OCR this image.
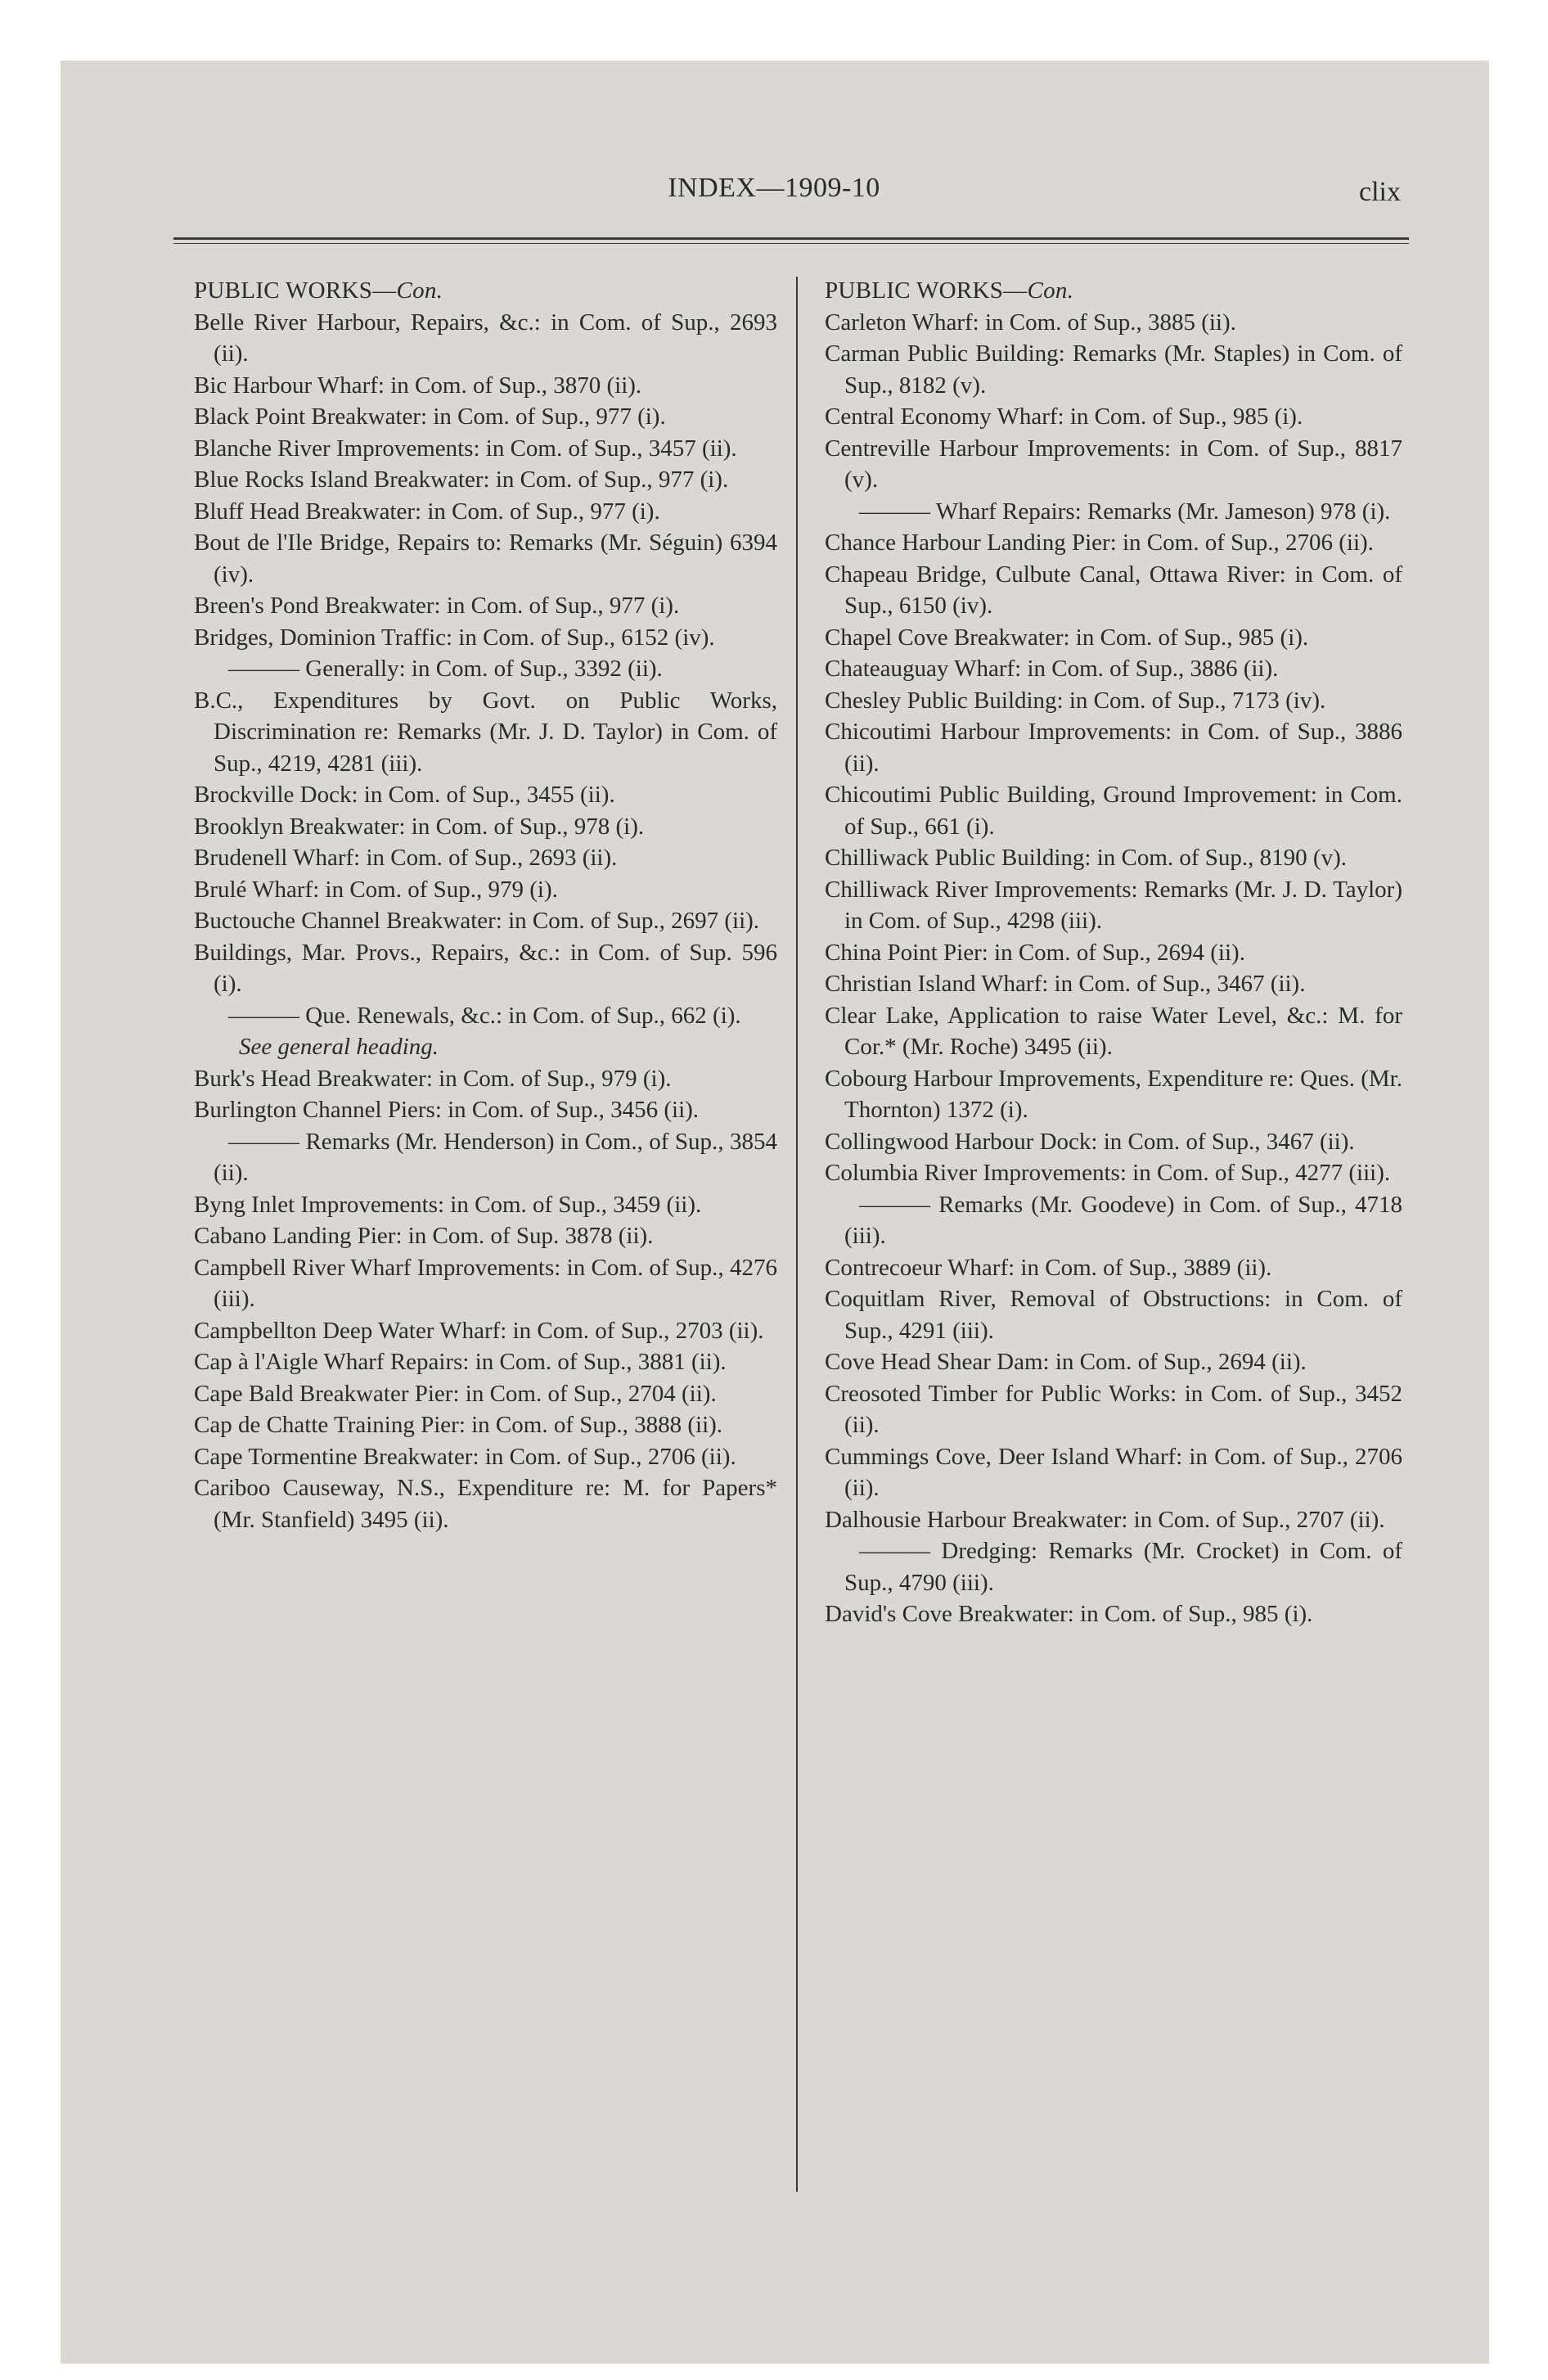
INDEX—1909-10	clix

PUBLIC WORKS—Con.

Belle River Harbour, Repairs, &c.: in Com. of Sup., 2693 (ii).

Bic Harbour Wharf: in Com. of Sup., 3870 (ii).

Black Point Breakwater: in Com. of Sup., 977 (i).

Blanche River Improvements: in Com. of Sup., 3457 (ii).

Blue Rocks Island Breakwater: in Com. of Sup., 977 (i).

Bluff Head Breakwater: in Com. of Sup., 977 (i).

Bout de l'Ile Bridge, Repairs to: Remarks (Mr. Séguin) 6394 (iv).

Breen's Pond Breakwater: in Com. of Sup., 977 (i).

Bridges, Dominion Traffic: in Com. of Sup., 6152 (iv).

——— Generally: in Com. of Sup., 3392 (ii).

B.C., Expenditures by Govt. on Public Works, Discrimination re: Remarks (Mr. J. D. Taylor) in Com. of Sup., 4219, 4281 (iii).

Brockville Dock: in Com. of Sup., 3455 (ii).

Brooklyn Breakwater: in Com. of Sup., 978 (i).

Brudenell Wharf: in Com. of Sup., 2693 (ii).

Brulé Wharf: in Com. of Sup., 979 (i).

Buctouche Channel Breakwater: in Com. of Sup., 2697 (ii).

Buildings, Mar. Provs., Repairs, &c.: in Com. of Sup. 596 (i).

——— Que. Renewals, &c.: in Com. of Sup., 662 (i).

See general heading.

Burk's Head Breakwater: in Com. of Sup., 979 (i).

Burlington Channel Piers: in Com. of Sup., 3456 (ii).

——— Remarks (Mr. Henderson) in Com., of Sup., 3854 (ii).

Byng Inlet Improvements: in Com. of Sup., 3459 (ii).

Cabano Landing Pier: in Com. of Sup. 3878 (ii).

Campbell River Wharf Improvements: in Com. of Sup., 4276 (iii).

Campbellton Deep Water Wharf: in Com. of Sup., 2703 (ii).

Cap à l'Aigle Wharf Repairs: in Com. of Sup., 3881 (ii).

Cape Bald Breakwater Pier: in Com. of Sup., 2704 (ii).

Cap de Chatte Training Pier: in Com. of Sup., 3888 (ii).

Cape Tormentine Breakwater: in Com. of Sup., 2706 (ii).

Cariboo Causeway, N.S., Expenditure re: M. for Papers* (Mr. Stanfield) 3495 (ii).

PUBLIC WORKS—Con.

Carleton Wharf: in Com. of Sup., 3885 (ii).

Carman Public Building: Remarks (Mr. Staples) in Com. of Sup., 8182 (v).

Central Economy Wharf: in Com. of Sup., 985 (i).

Centreville Harbour Improvements: in Com. of Sup., 8817 (v).

——— Wharf Repairs: Remarks (Mr. Jameson) 978 (i).

Chance Harbour Landing Pier: in Com. of Sup., 2706 (ii).

Chapeau Bridge, Culbute Canal, Ottawa River: in Com. of Sup., 6150 (iv).

Chapel Cove Breakwater: in Com. of Sup., 985 (i).

Chateauguay Wharf: in Com. of Sup., 3886 (ii).

Chesley Public Building: in Com. of Sup., 7173 (iv).

Chicoutimi Harbour Improvements: in Com. of Sup., 3886 (ii).

Chicoutimi Public Building, Ground Improvement: in Com. of Sup., 661 (i).

Chilliwack Public Building: in Com. of Sup., 8190 (v).

Chilliwack River Improvements: Remarks (Mr. J. D. Taylor) in Com. of Sup., 4298 (iii).

China Point Pier: in Com. of Sup., 2694 (ii).

Christian Island Wharf: in Com. of Sup., 3467 (ii).

Clear Lake, Application to raise Water Level, &c.: M. for Cor.* (Mr. Roche) 3495 (ii).

Cobourg Harbour Improvements, Expenditure re: Ques. (Mr. Thornton) 1372 (i).

Collingwood Harbour Dock: in Com. of Sup., 3467 (ii).

Columbia River Improvements: in Com. of Sup., 4277 (iii).

——— Remarks (Mr. Goodeve) in Com. of Sup., 4718 (iii).

Contrecoeur Wharf: in Com. of Sup., 3889 (ii).

Coquitlam River, Removal of Obstructions: in Com. of Sup., 4291 (iii).

Cove Head Shear Dam: in Com. of Sup., 2694 (ii).

Creosoted Timber for Public Works: in Com. of Sup., 3452 (ii).

Cummings Cove, Deer Island Wharf: in Com. of Sup., 2706 (ii).

Dalhousie Harbour Breakwater: in Com. of Sup., 2707 (ii).

——— Dredging: Remarks (Mr. Crocket) in Com. of Sup., 4790 (iii).

David's Cove Breakwater: in Com. of Sup., 985 (i).
